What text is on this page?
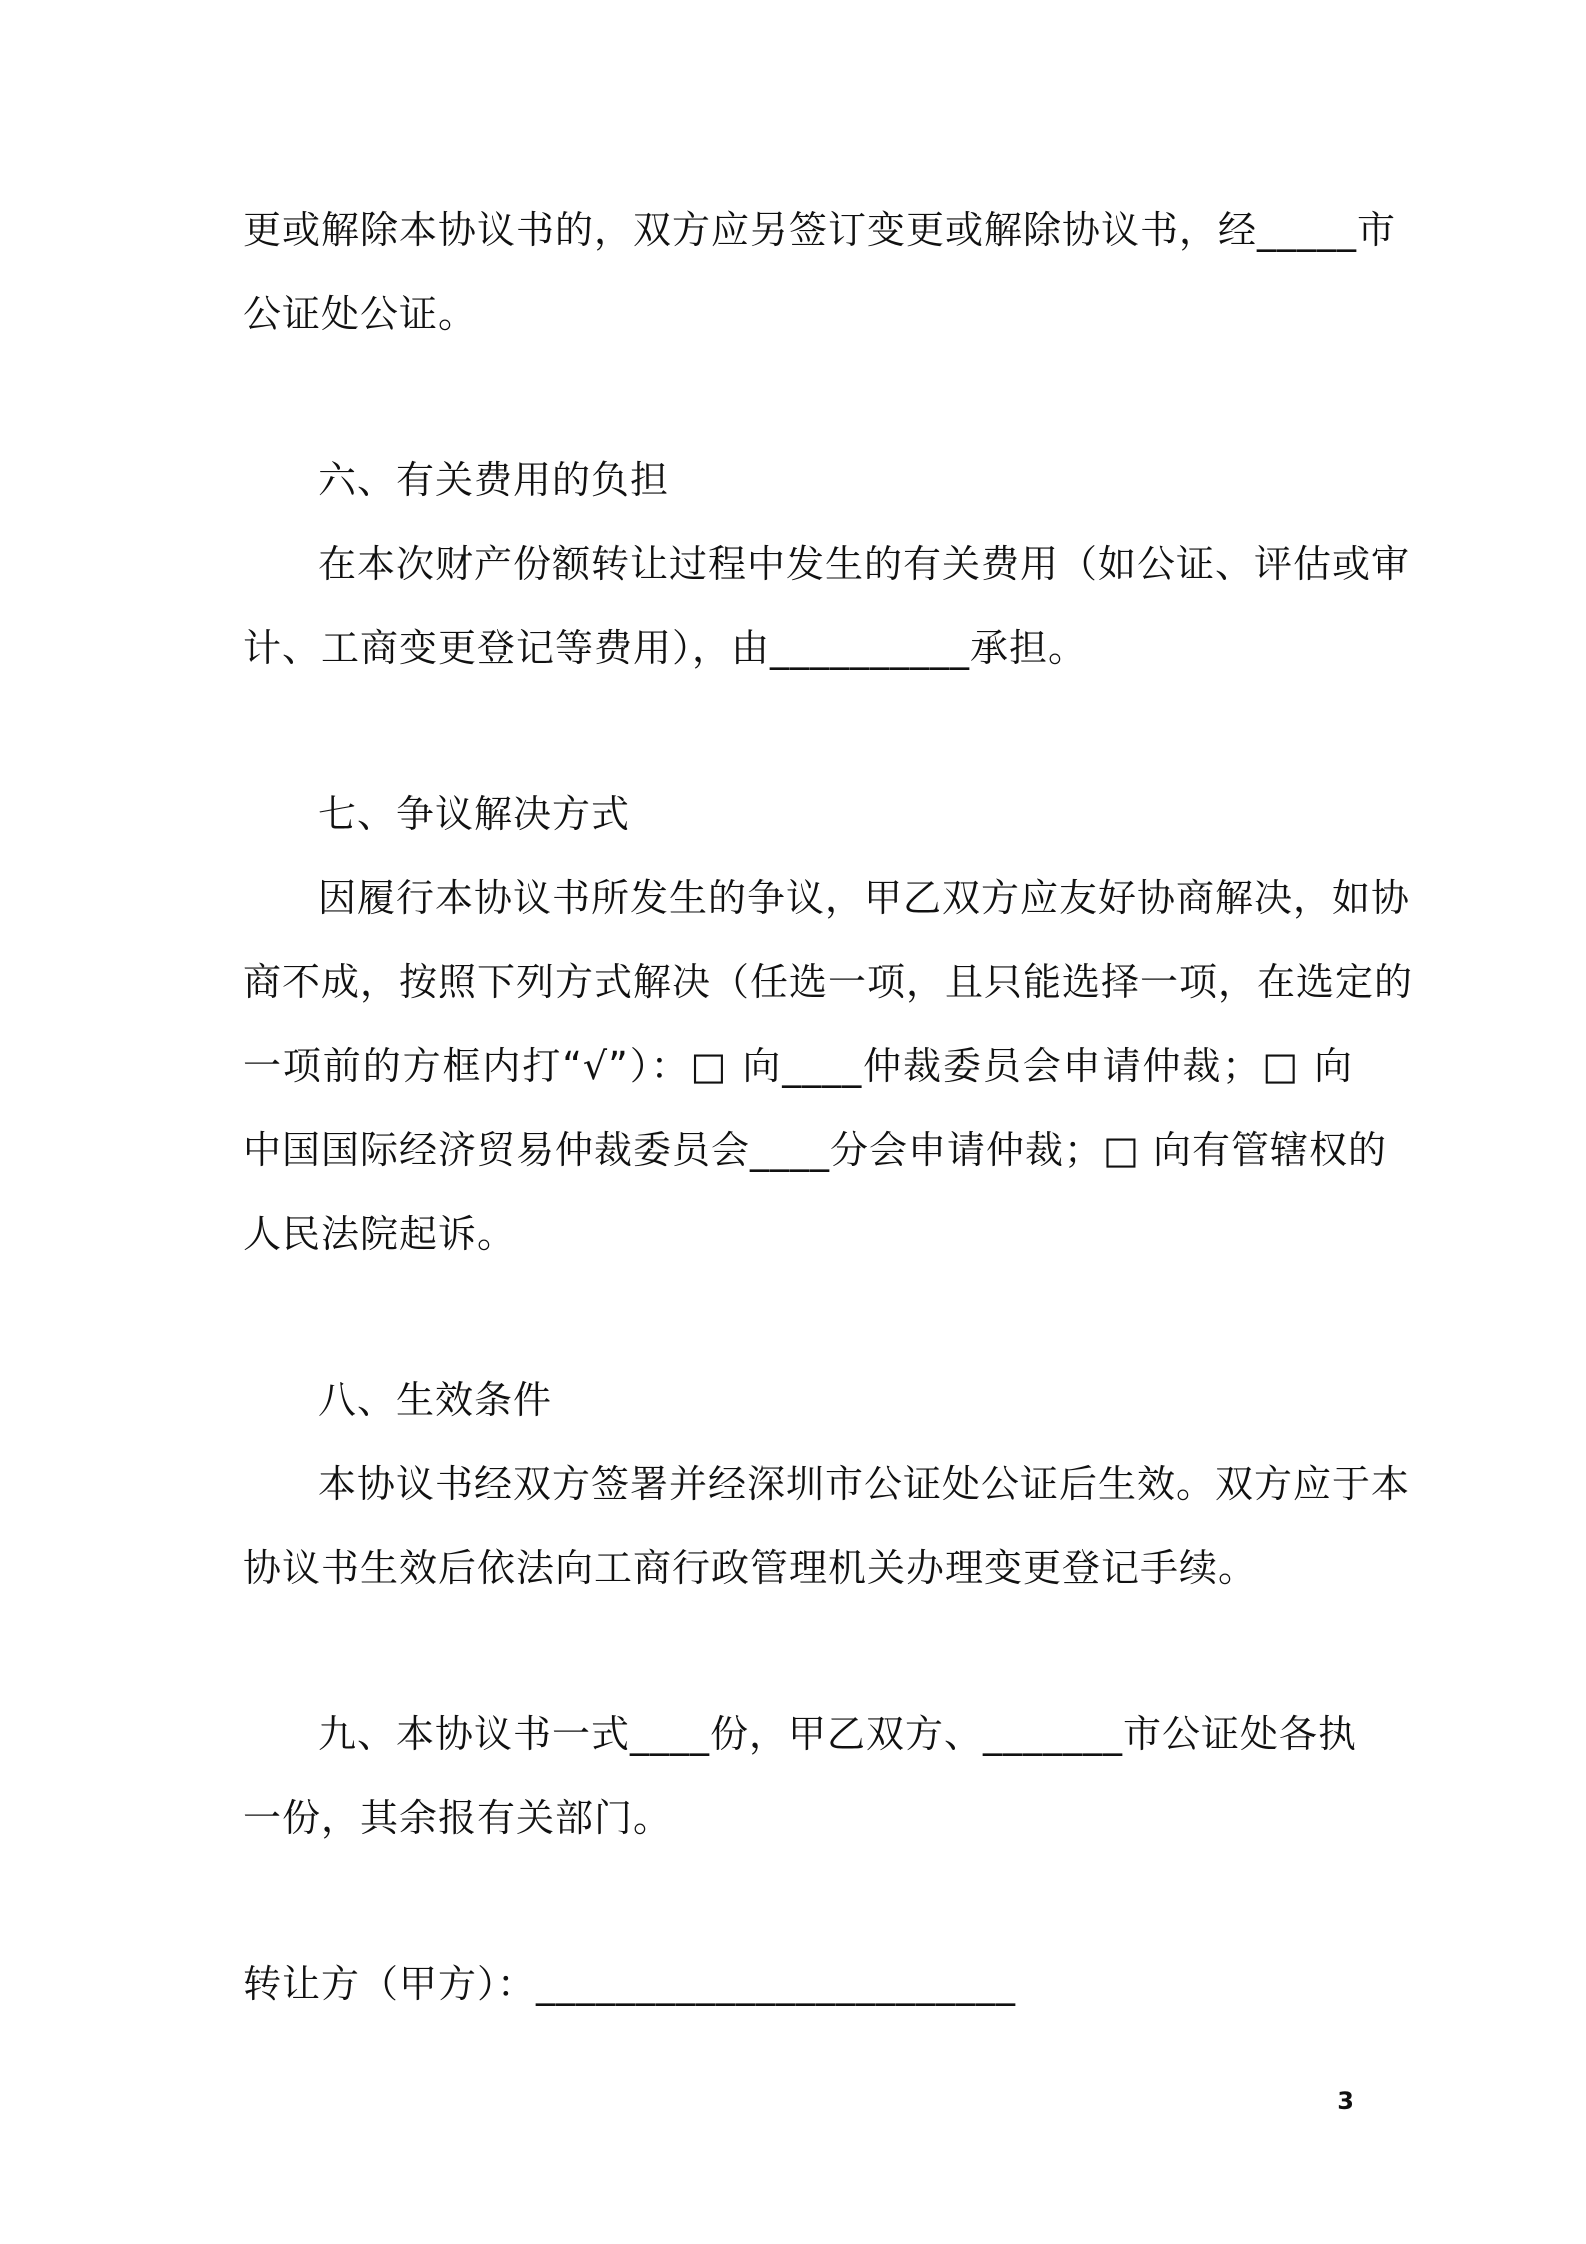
更或解除本协议书的，双方应另签订变更或解除协议书，经_____市
公证处公证。
六、有关费用的负担
在本次财产份额转让过程中发生的有关费用（如公证、评估或审
计、工商变更登记等费用），由__________承担。
七、争议解决方式
因履行本协议书所发生的争议，甲乙双方应友好协商解决，如协
商不成，按照下列方式解决（任选一项，且只能选择一项，在选定的
一项前的方框内打“√”）：□ 向____仲裁委员会申请仲裁；□ 向
中国国际经济贸易仲裁委员会____分会申请仲裁；□ 向有管辖权的
人民法院起诉。
八、生效条件
本协议书经双方签署并经深圳市公证处公证后生效。双方应于本
协议书生效后依法向工商行政管理机关办理变更登记手续。
九、本协议书一式____份，甲乙双方、_______市公证处各执
一份，其余报有关部门。
转让方（甲方）：________________________
3
